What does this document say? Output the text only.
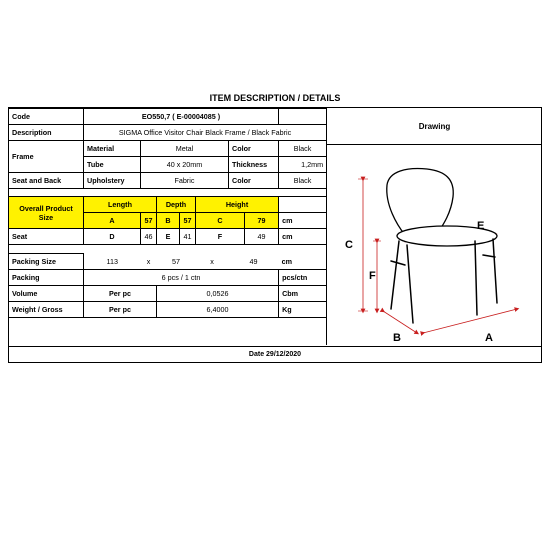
ITEM DESCRIPTION / DETAILS
Code	EO550,7 ( E-00004085 )							
Description	SIGMA Office Visitor Chair Black Frame / Black Fabric							
Frame	Material	Metal				Color		Black
	Tube	40 x 20mm				Thickness		1,2mm
Seat and Back	Upholstery	Fabric				Color		Black

Overall Product Size	Length		Depth		Height			
	A	57	B	57	C		79	cm
Seat	D	46	E	41	F		49	cm

Packing Size	113	x	57		x	49		cm
Packing	6 pcs / 1 ctn							pcs/ctn
Volume	Per pc		0,0526					Cbm
Weight / Gross	Per pc		6,4000					Kg
Drawing
C
F
E
B	A
Date 29/12/2020
